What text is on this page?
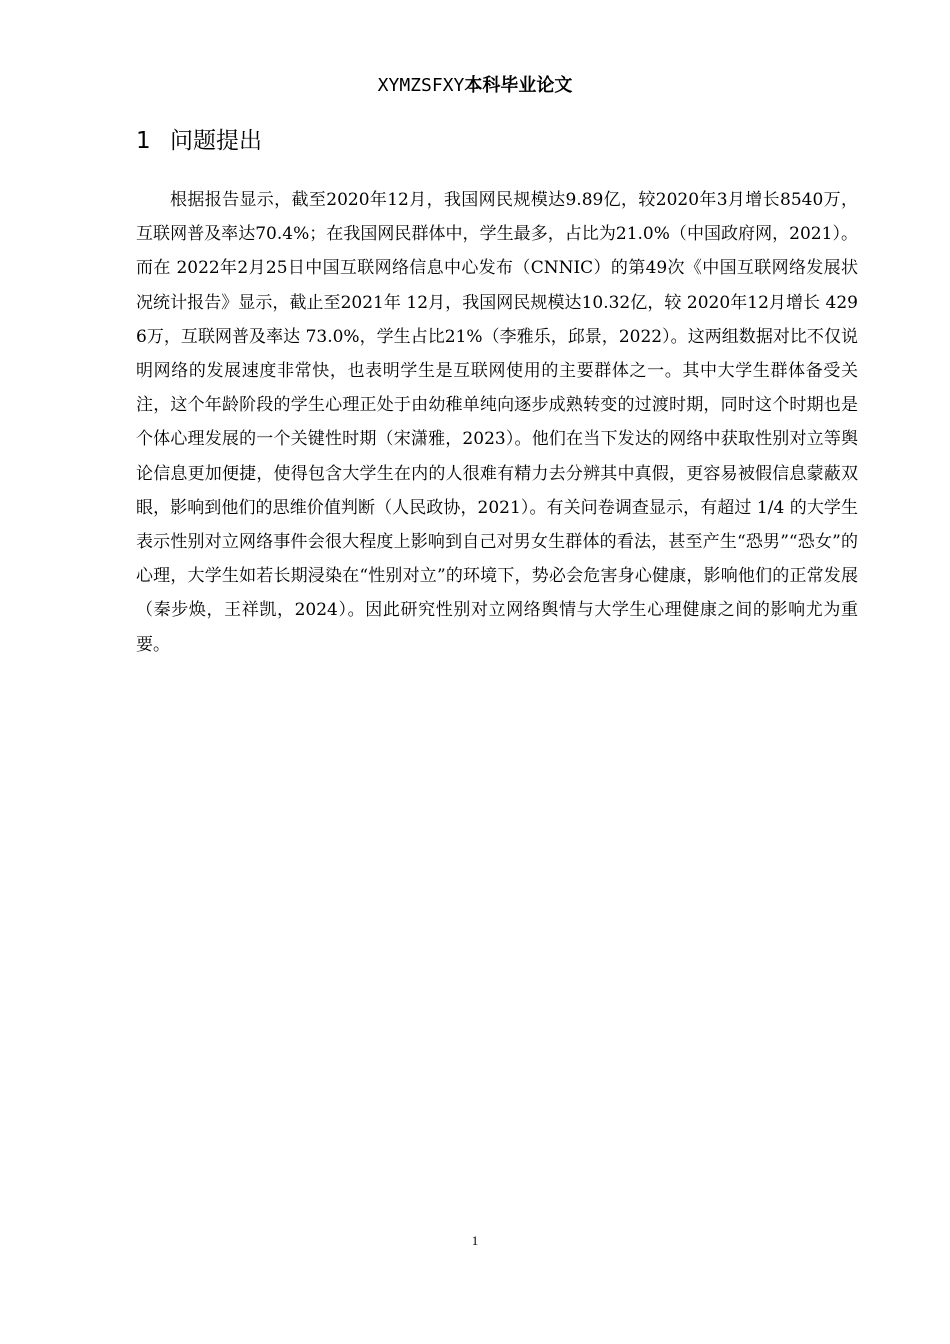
XYMZSFXY本科毕业论文
1 问题提出

根据报告显示，截至2020年12月，我国网民规模达9.89亿，较2020年3月增长8540万，互联网普及率达70.4%；在我国网民群体中，学生最多，占比为21.0%（中国政府网，2021）。而在 2022年2月25日中国互联网络信息中心发布（CNNIC）的第49次《中国互联网络发展状况统计报告》显示，截止至2021年 12月，我国网民规模达10.32亿，较 2020年12月增长 4296万，互联网普及率达 73.0%，学生占比21%（李雅乐，邱景，2022）。这两组数据对比不仅说明网络的发展速度非常快，也表明学生是互联网使用的主要群体之一。其中大学生群体备受关注，这个年龄阶段的学生心理正处于由幼稚单纯向逐步成熟转变的过渡时期，同时这个时期也是个体心理发展的一个关键性时期（宋潇雅，2023）。他们在当下发达的网络中获取性别对立等舆论信息更加便捷，使得包含大学生在内的人很难有精力去分辨其中真假，更容易被假信息蒙蔽双眼，影响到他们的思维价值判断（人民政协，2021）。有关问卷调查显示，有超过 1/4 的大学生表示性别对立网络事件会很大程度上影响到自己对男女生群体的看法，甚至产生“恐男”“恐女”的心理，大学生如若长期浸染在“性别对立”的环境下，势必会危害身心健康，影响他们的正常发展（秦步焕，王祥凯，2024）。因此研究性别对立网络舆情与大学生心理健康之间的影响尤为重要。

1
